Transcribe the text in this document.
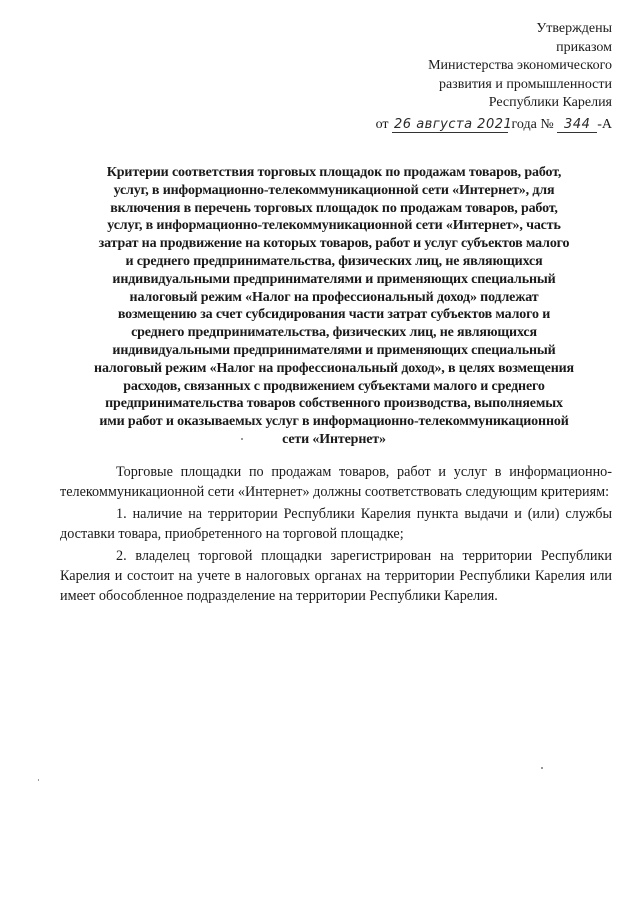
Утверждены
приказом
Министерства экономического
развития и промышленности
Республики Карелия
от 26 августа 2021 года № 344 -А
Критерии соответствия торговых площадок по продажам товаров, работ,
услуг, в информационно-телекоммуникационной сети «Интернет», для
включения в перечень торговых площадок по продажам товаров, работ,
услуг, в информационно-телекоммуникационной сети «Интернет», часть
затрат на продвижение на которых товаров, работ и услуг субъектов малого
и среднего предпринимательства, физических лиц, не являющихся
индивидуальными предпринимателями и применяющих специальный
налоговый режим «Налог на профессиональный доход» подлежат
возмещению за счет субсидирования части затрат субъектов малого и
среднего предпринимательства, физических лиц, не являющихся
индивидуальными предпринимателями и применяющих специальный
налоговый режим «Налог на профессиональный доход», в целях возмещения
расходов, связанных с продвижением субъектами малого и среднего
предпринимательства товаров собственного производства, выполняемых
ими работ и оказываемых услуг в информационно-телекоммуникационной
сети «Интернет»

Торговые площадки по продажам товаров, работ и услуг в информационно-телекоммуникационной сети «Интернет» должны соответствовать следующим критериям:

1. наличие на территории Республики Карелия пункта выдачи и (или) службы доставки товара, приобретенного на торговой площадке;

2. владелец торговой площадки зарегистрирован на территории Республики Карелия и состоит на учете в налоговых органах на территории Республики Карелия или имеет обособленное подразделение на территории Республики Карелия.
